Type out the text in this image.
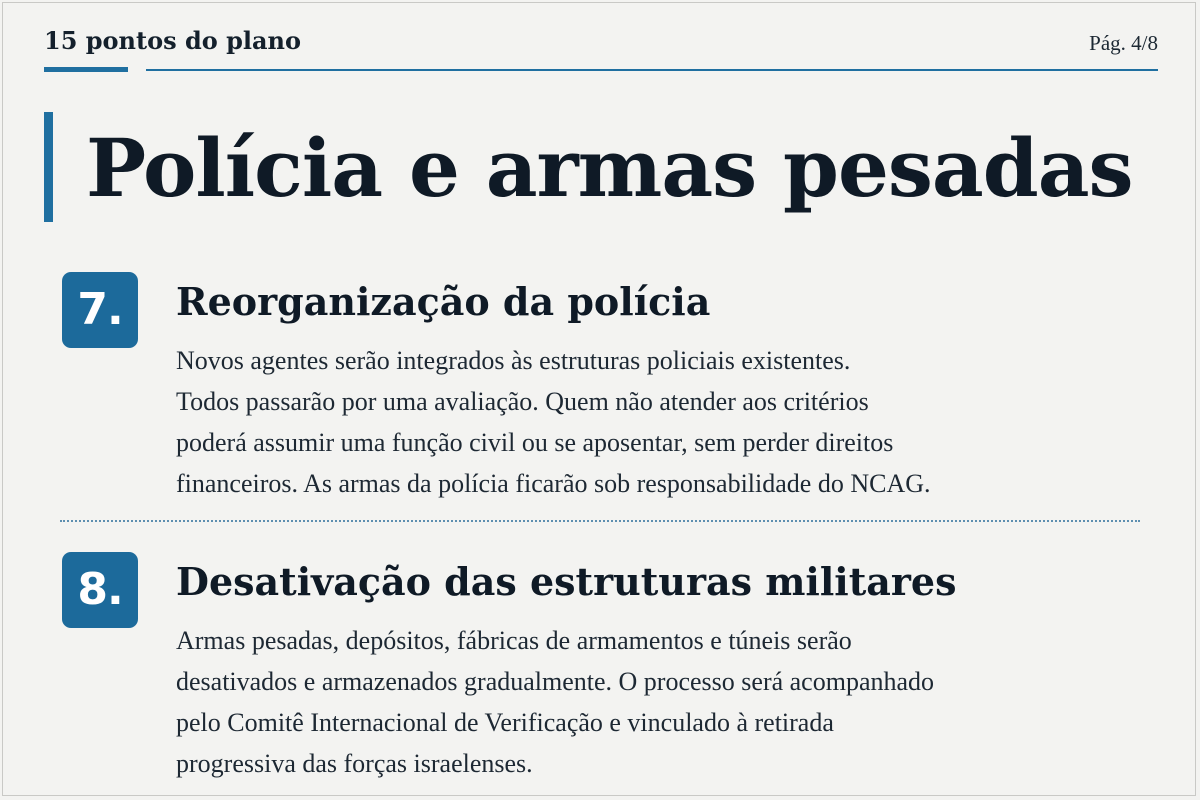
15 pontos do plano	Pág. 4/8
Polícia e armas pesadas
7.	Reorganização da polícia

Novos agentes serão integrados às estruturas policiais existentes.
Todos passarão por uma avaliação. Quem não atender aos critérios
poderá assumir uma função civil ou se aposentar, sem perder direitos
financeiros. As armas da polícia ficarão sob responsabilidade do NCAG.

8.	Desativação das estruturas militares

Armas pesadas, depósitos, fábricas de armamentos e túneis serão
desativados e armazenados gradualmente. O processo será acompanhado
pelo Comitê Internacional de Verificação e vinculado à retirada
progressiva das forças israelenses.
